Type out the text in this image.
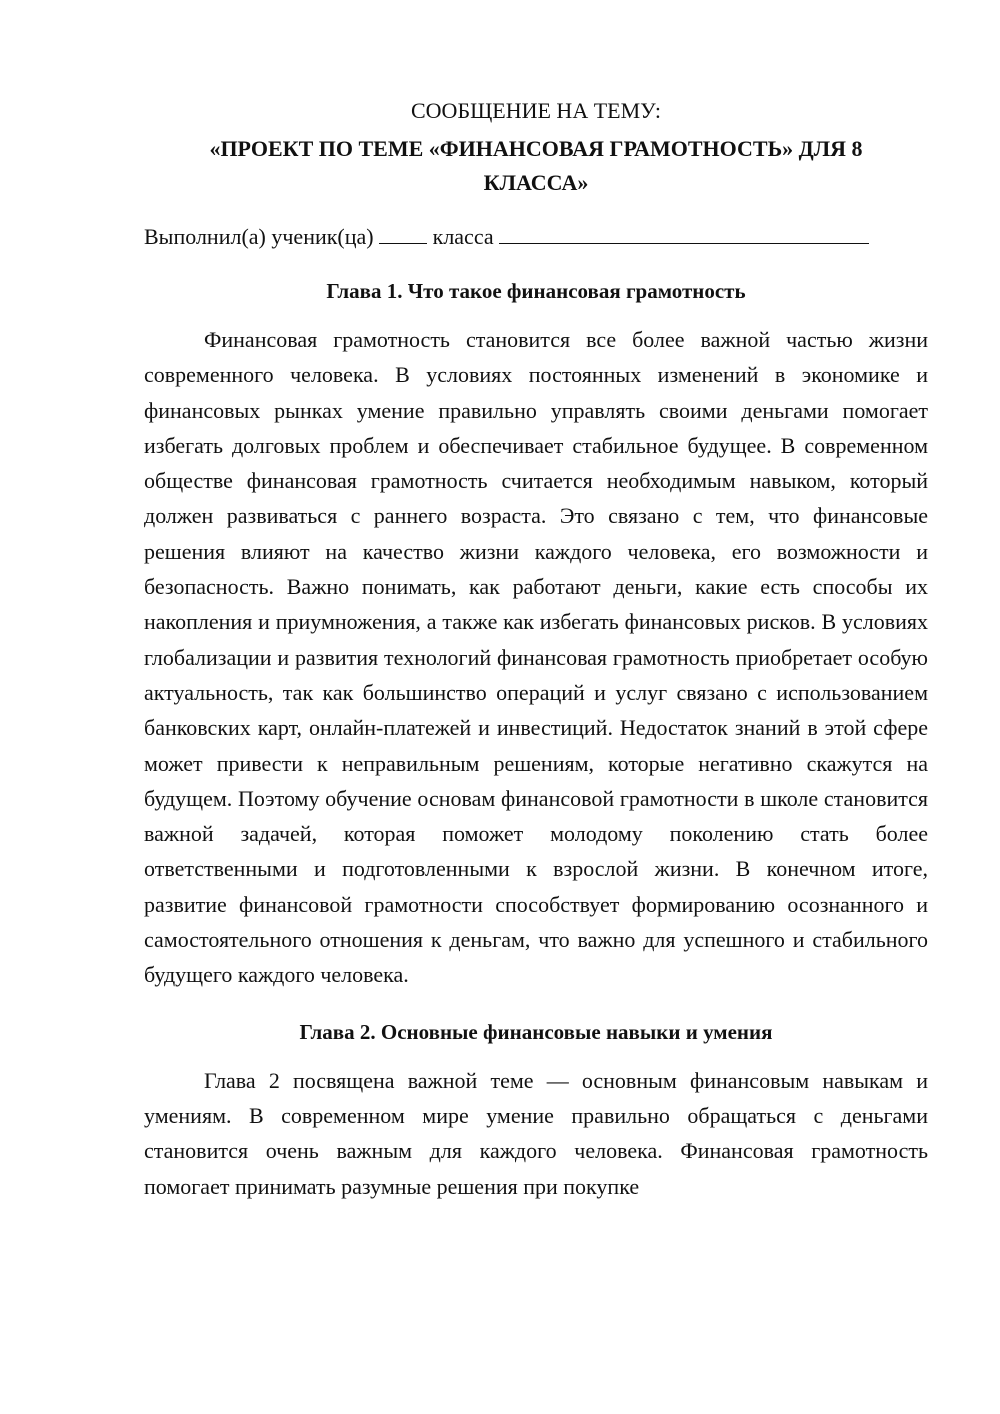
СООБЩЕНИЕ НА ТЕМУ:
«ПРОЕКТ ПО ТЕМЕ «ФИНАНСОВАЯ ГРАМОТНОСТЬ» ДЛЯ 8 КЛАССА»
Выполнил(а) ученик(ца)	класса
Глава 1. Что такое финансовая грамотность

Финансовая грамотность становится все более важной частью жизни современного человека. В условиях постоянных изменений в экономике и финансовых рынках умение правильно управлять своими деньгами помогает избегать долговых проблем и обеспечивает стабильное будущее. В современном обществе финансовая грамотность считается необходимым навыком, который должен развиваться с раннего возраста. Это связано с тем, что финансовые решения влияют на качество жизни каждого человека, его возможности и безопасность. Важно понимать, как работают деньги, какие есть способы их накопления и приумножения, а также как избегать финансовых рисков. В условиях глобализации и развития технологий финансовая грамотность приобретает особую актуальность, так как большинство операций и услуг связано с использованием банковских карт, онлайн-платежей и инвестиций. Недостаток знаний в этой сфере может привести к неправильным решениям, которые негативно скажутся на будущем. Поэтому обучение основам финансовой грамотности в школе становится важной задачей, которая поможет молодому поколению стать более ответственными и подготовленными к взрослой жизни. В конечном итоге, развитие финансовой грамотности способствует формированию осознанного и самостоятельного отношения к деньгам, что важно для успешного и стабильного будущего каждого человека.

Глава 2. Основные финансовые навыки и умения

Глава 2 посвящена важной теме — основным финансовым навыкам и умениям. В современном мире умение правильно обращаться с деньгами становится очень важным для каждого человека. Финансовая грамотность помогает принимать разумные решения при покупке
